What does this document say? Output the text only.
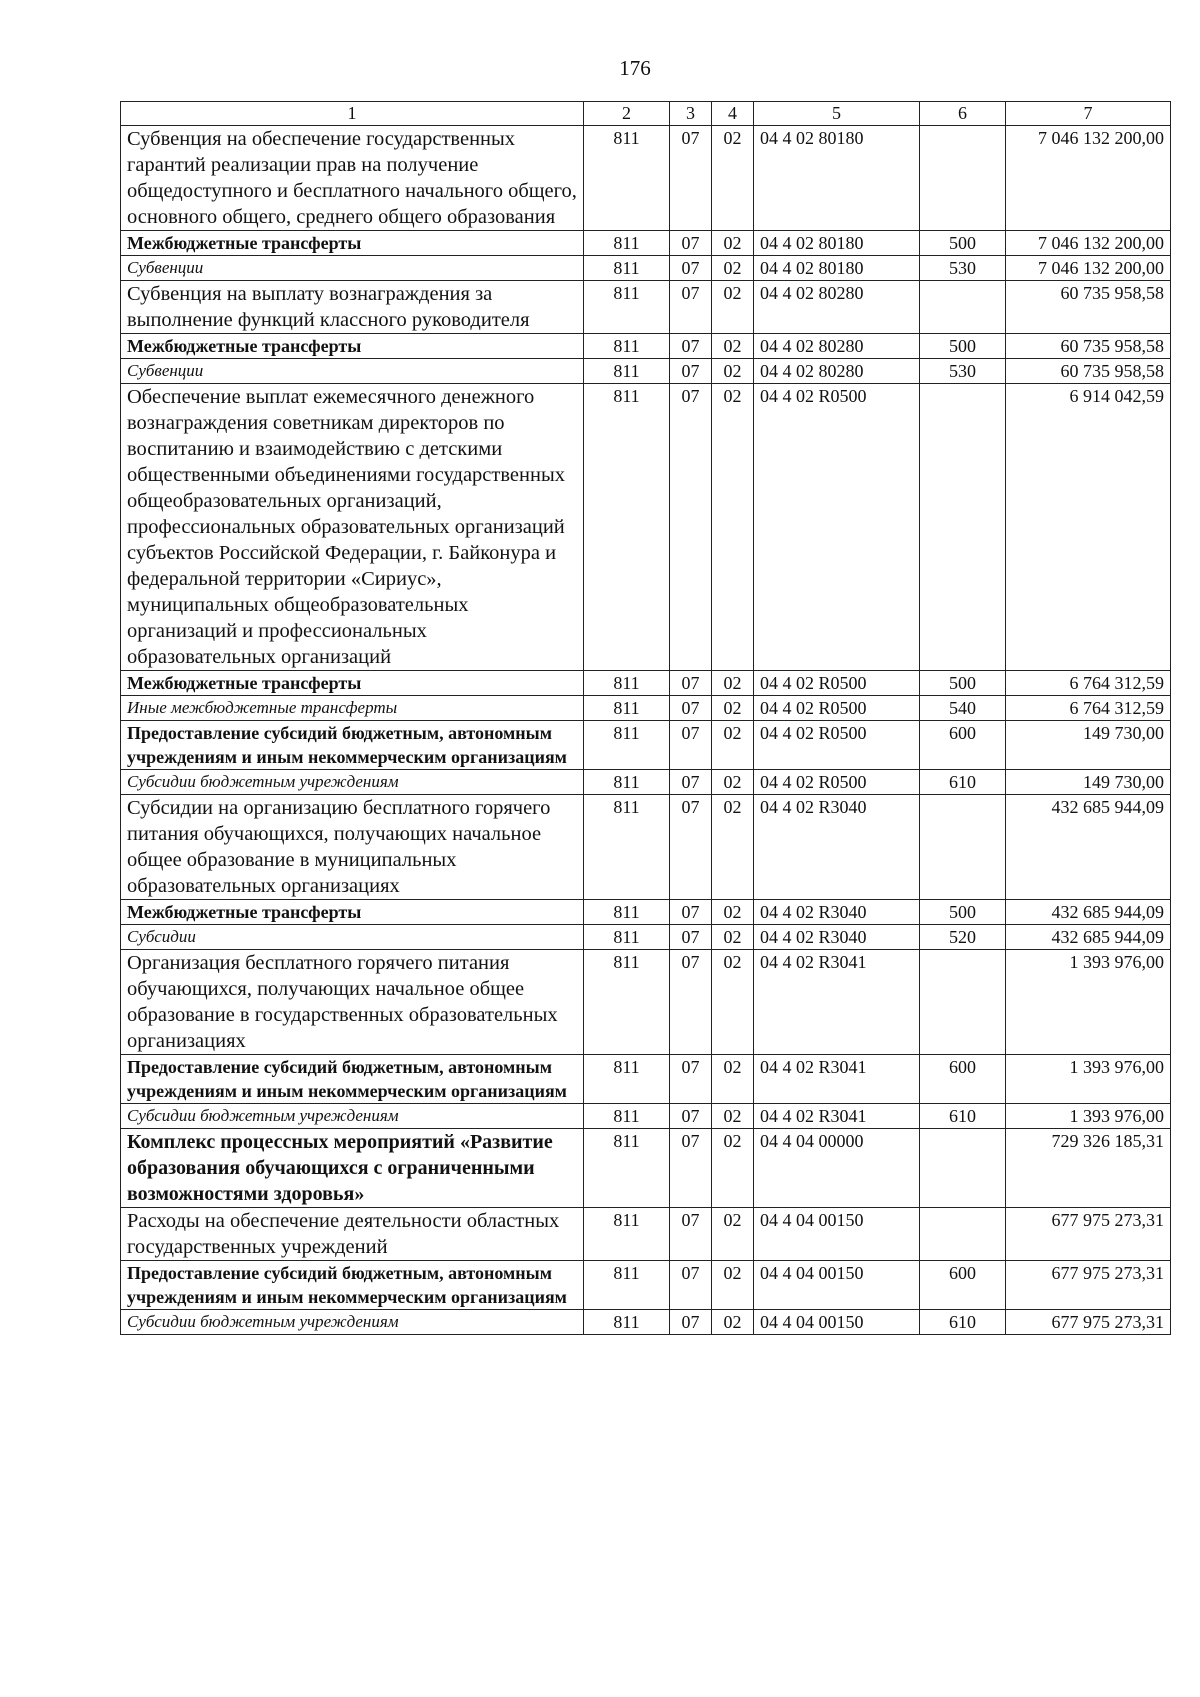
176
1	2	3	4	5	6	7
Субвенция на обеспечение государственных гарантий реализации прав на получение общедоступного и бесплатного начального общего, основного общего, среднего общего образования	811	07	02	04 4 02 80180		7 046 132 200,00
Межбюджетные трансферты	811	07	02	04 4 02 80180	500	7 046 132 200,00
Субвенции	811	07	02	04 4 02 80180	530	7 046 132 200,00
Субвенция на выплату вознаграждения за выполнение функций классного руководителя	811	07	02	04 4 02 80280		60 735 958,58
Межбюджетные трансферты	811	07	02	04 4 02 80280	500	60 735 958,58
Субвенции	811	07	02	04 4 02 80280	530	60 735 958,58
Обеспечение выплат ежемесячного денежного вознаграждения советникам директоров по воспитанию и взаимодействию с детскими общественными объединениями государственных общеобразовательных организаций, профессиональных образовательных организаций субъектов Российской Федерации, г. Байконура и федеральной территории «Сириус», муниципальных общеобразовательных организаций и профессиональных образовательных организаций	811	07	02	04 4 02 R0500		6 914 042,59
Межбюджетные трансферты	811	07	02	04 4 02 R0500	500	6 764 312,59
Иные межбюджетные трансферты	811	07	02	04 4 02 R0500	540	6 764 312,59
Предоставление субсидий бюджетным, автономным учреждениям и иным некоммерческим организациям	811	07	02	04 4 02 R0500	600	149 730,00
Субсидии бюджетным учреждениям	811	07	02	04 4 02 R0500	610	149 730,00
Субсидии на организацию бесплатного горячего питания обучающихся, получающих начальное общее образование в муниципальных образовательных организациях	811	07	02	04 4 02 R3040		432 685 944,09
Межбюджетные трансферты	811	07	02	04 4 02 R3040	500	432 685 944,09
Субсидии	811	07	02	04 4 02 R3040	520	432 685 944,09
Организация бесплатного горячего питания обучающихся, получающих начальное общее образование в государственных образовательных организациях	811	07	02	04 4 02 R3041		1 393 976,00
Предоставление субсидий бюджетным, автономным учреждениям и иным некоммерческим организациям	811	07	02	04 4 02 R3041	600	1 393 976,00
Субсидии бюджетным учреждениям	811	07	02	04 4 02 R3041	610	1 393 976,00
Комплекс процессных мероприятий «Развитие образования обучающихся с ограниченными возможностями здоровья»	811	07	02	04 4 04 00000		729 326 185,31
Расходы на обеспечение деятельности областных государственных учреждений	811	07	02	04 4 04 00150		677 975 273,31
Предоставление субсидий бюджетным, автономным учреждениям и иным некоммерческим организациям	811	07	02	04 4 04 00150	600	677 975 273,31
Субсидии бюджетным учреждениям	811	07	02	04 4 04 00150	610	677 975 273,31
